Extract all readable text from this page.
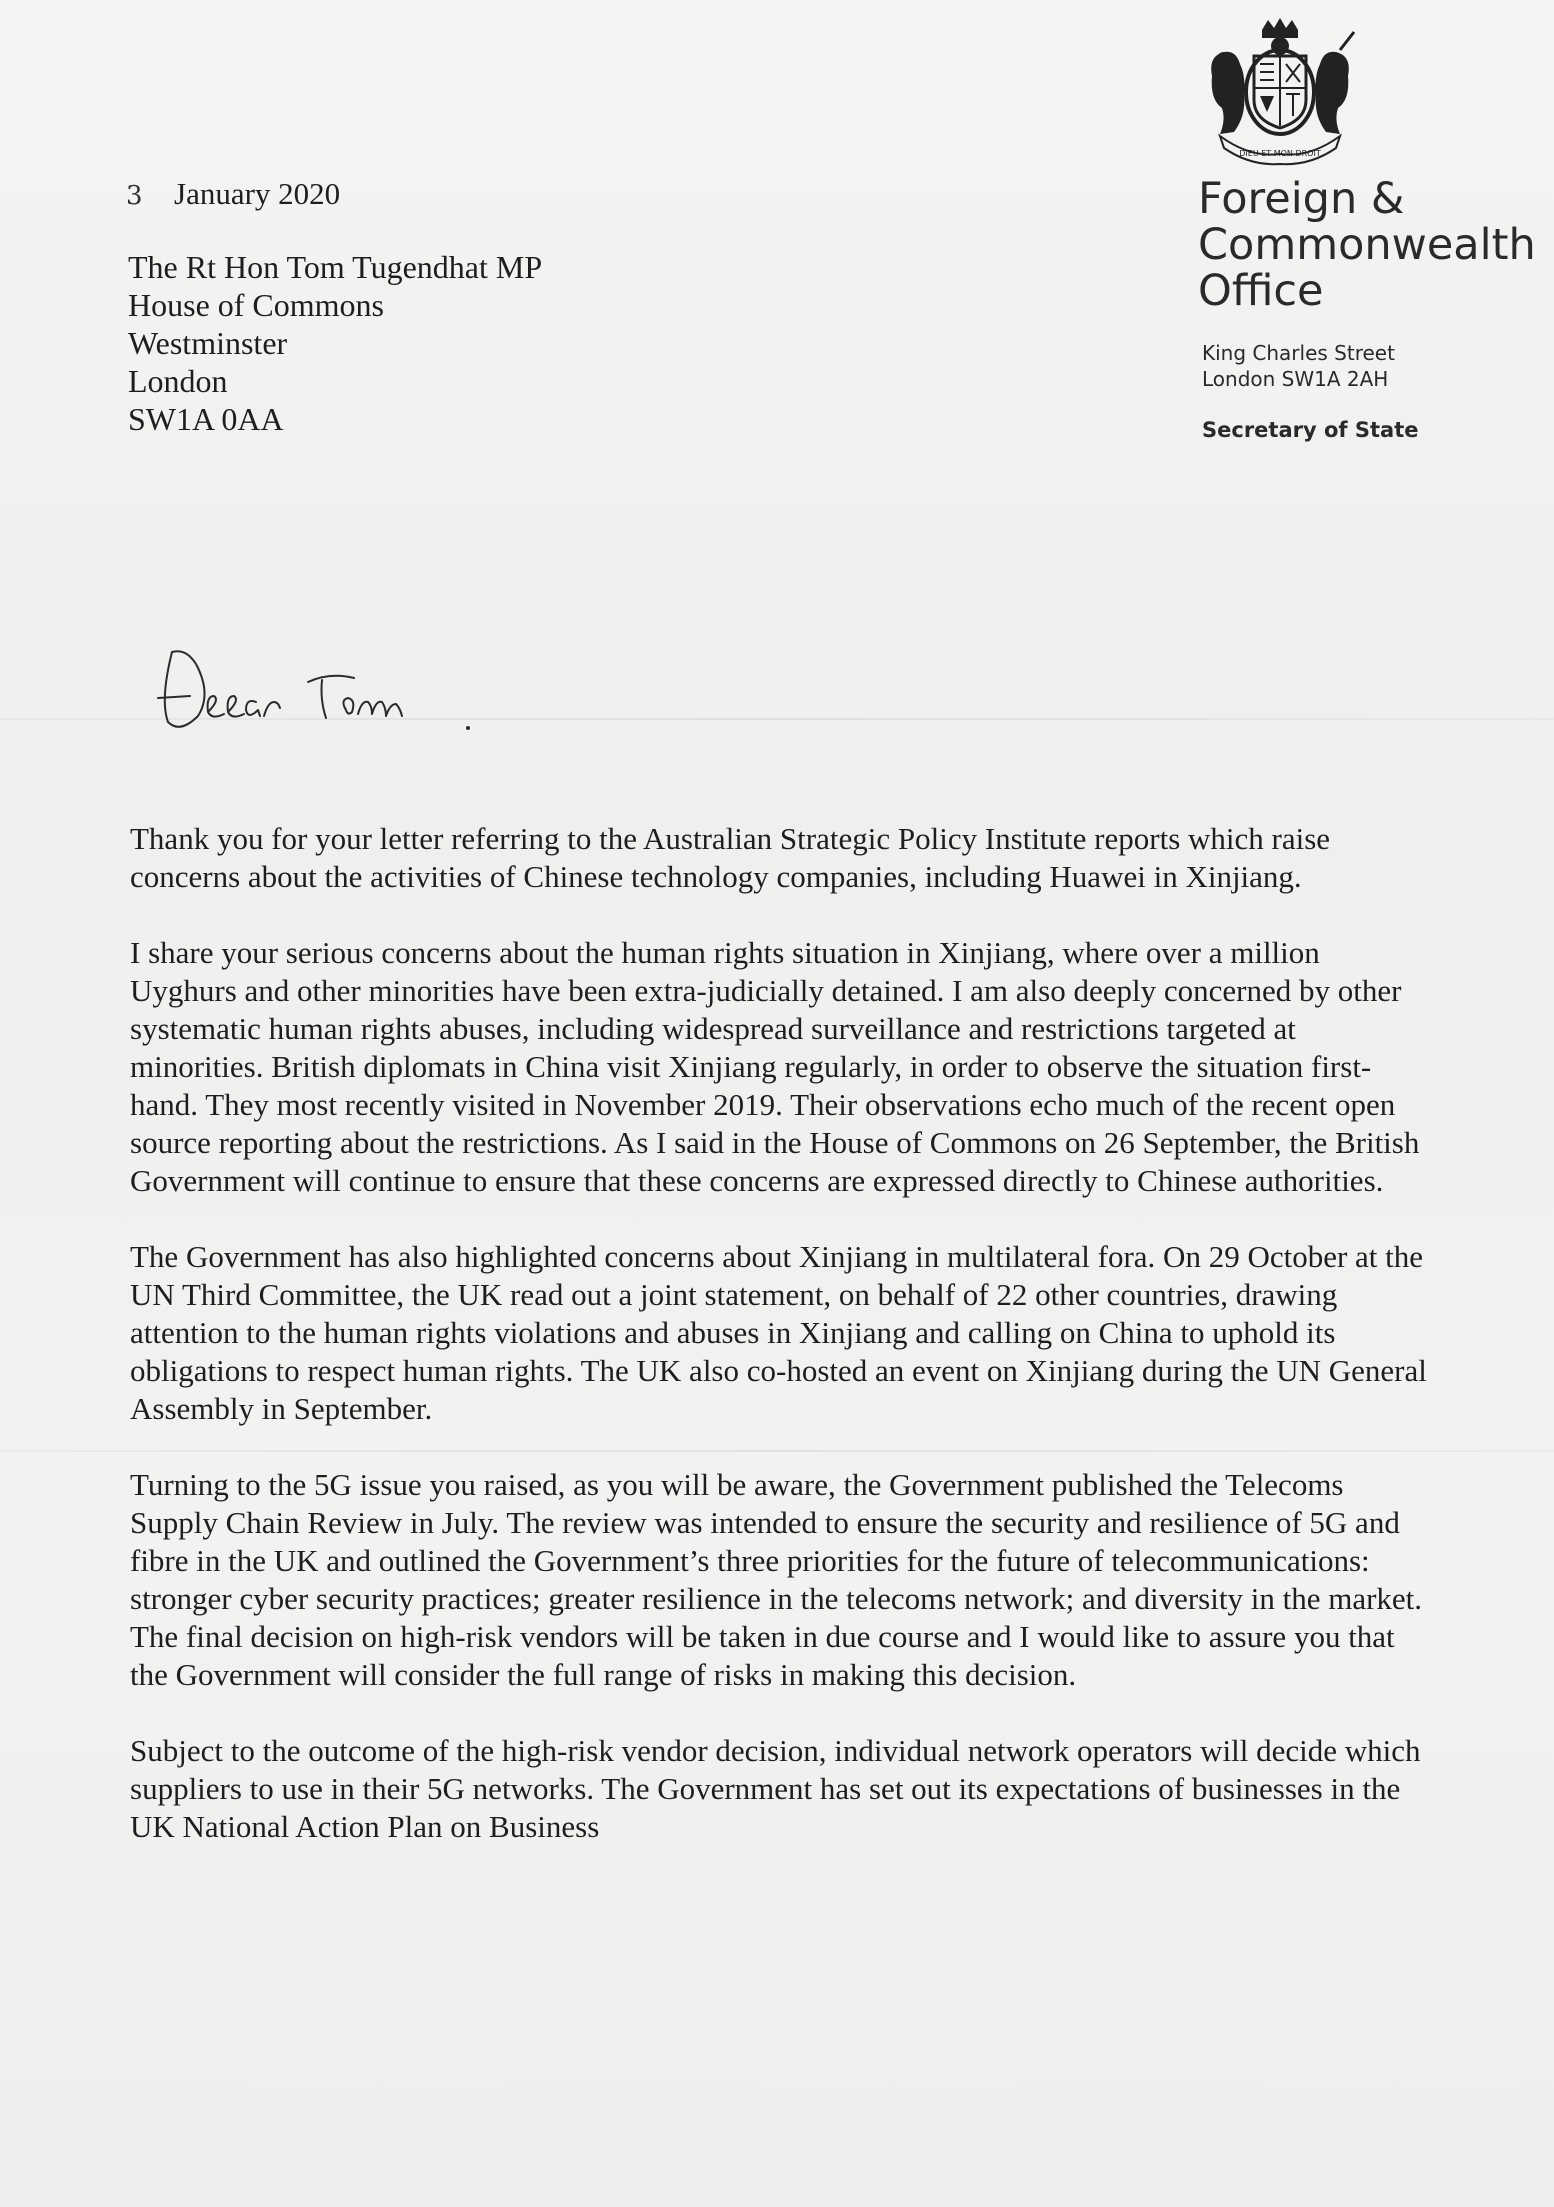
DIEU ET MON DROIT
Foreign &
Commonwealth
Office
King Charles Street
London SW1A 2AH
Secretary of State
3 January 2020
The Rt Hon Tom Tugendhat MP
House of Commons
Westminster
London
SW1A 0AA
Dear Tom,

Thank you for your letter referring to the Australian Strategic Policy Institute reports which raise concerns about the activities of Chinese technology companies, including Huawei in Xinjiang.

I share your serious concerns about the human rights situation in Xinjiang, where over a million Uyghurs and other minorities have been extra-judicially detained. I am also deeply concerned by other systematic human rights abuses, including widespread surveillance and restrictions targeted at minorities. British diplomats in China visit Xinjiang regularly, in order to observe the situation first-hand. They most recently visited in November 2019. Their observations echo much of the recent open source reporting about the restrictions. As I said in the House of Commons on 26 September, the British Government will continue to ensure that these concerns are expressed directly to Chinese authorities.

The Government has also highlighted concerns about Xinjiang in multilateral fora. On 29 October at the UN Third Committee, the UK read out a joint statement, on behalf of 22 other countries, drawing attention to the human rights violations and abuses in Xinjiang and calling on China to uphold its obligations to respect human rights. The UK also co-hosted an event on Xinjiang during the UN General Assembly in September.

Turning to the 5G issue you raised, as you will be aware, the Government published the Telecoms Supply Chain Review in July. The review was intended to ensure the security and resilience of 5G and fibre in the UK and outlined the Government’s three priorities for the future of telecommunications: stronger cyber security practices; greater resilience in the telecoms network; and diversity in the market. The final decision on high-risk vendors will be taken in due course and I would like to assure you that the Government will consider the full range of risks in making this decision.

Subject to the outcome of the high-risk vendor decision, individual network operators will decide which suppliers to use in their 5G networks. The Government has set out its expectations of businesses in the UK National Action Plan on Business
